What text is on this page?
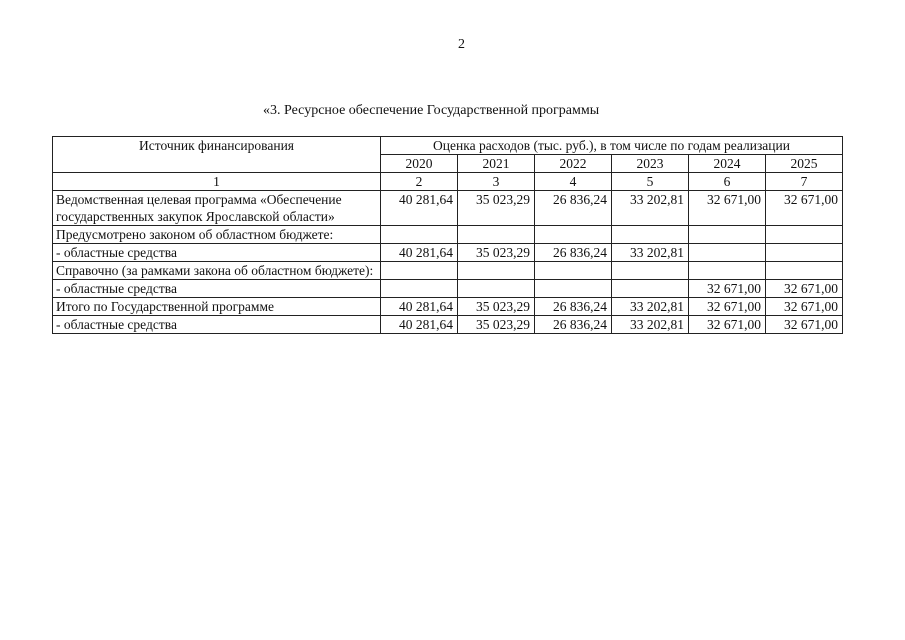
2
«3. Ресурсное обеспечение Государственной программы
Источник финансирования	Оценка расходов (тыс. руб.), в том числе по годам реализации					
	2020	2021	2022	2023	2024	2025
1	2	3	4	5	6	7
Ведомственная целевая программа «Обеспечение государственных закупок Ярославской области»	40 281,64	35 023,29	26 836,24	33 202,81	32 671,00	32 671,00
Предусмотрено законом об областном бюджете:						
- областные средства	40 281,64	35 023,29	26 836,24	33 202,81		
Справочно (за рамками закона об областном бюджете):						
- областные средства					32 671,00	32 671,00
Итого по Государственной программе	40 281,64	35 023,29	26 836,24	33 202,81	32 671,00	32 671,00
- областные средства	40 281,64	35 023,29	26 836,24	33 202,81	32 671,00	32 671,00
